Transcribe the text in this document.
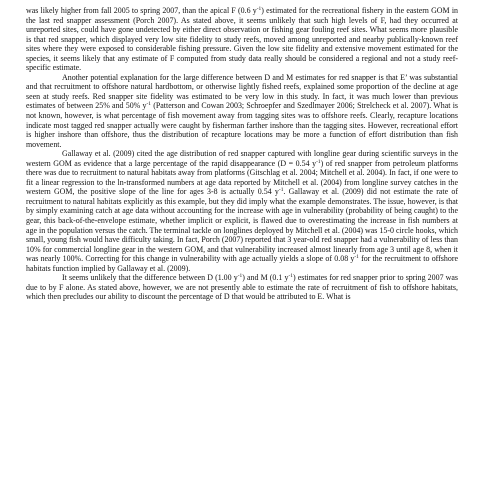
was likely higher from fall 2005 to spring 2007, than the apical F (0.6 $y^{-1}$) estimated for the recreational fishery in the eastern GOM in the last red snapper assessment (Porch 2007). As stated above, it seems unlikely that such high levels of F, had they occurred at unreported sites, could have gone undetected by either direct observation or fishing gear fouling reef sites. What seems more plausible is that red snapper, which displayed very low site fidelity to study reefs, moved among unreported and nearby publically-known reef sites where they were exposed to considerable fishing pressure. Given the low site fidelity and extensive movement estimated for the species, it seems likely that any estimate of F computed from study data really should be considered a regional and not a study reef-specific estimate.

Another potential explanation for the large difference between D and M estimates for red snapper is that E’ was substantial and that recruitment to offshore natural hardbottom, or otherwise lightly fished reefs, explained some proportion of the decline at age seen at study reefs. Red snapper site fidelity was estimated to be very low in this study. In fact, it was much lower than previous estimates of between 25% and 50% $y^{-1}$ (Patterson and Cowan 2003; Schroepfer and Szedlmayer 2006; Strelcheck et al. 2007). What is not known, however, is what percentage of fish movement away from tagging sites was to offshore reefs. Clearly, recapture locations indicate most tagged red snapper actually were caught by fisherman farther inshore than the tagging sites. However, recreational effort is higher inshore than offshore, thus the distribution of recapture locations may be more a function of effort distribution than fish movement.

Gallaway et al. (2009) cited the age distribution of red snapper captured with longline gear during scientific surveys in the western GOM as evidence that a large percentage of the rapid disappearance (D = 0.54 $y^{-1}$) of red snapper from petroleum platforms there was due to recruitment to natural habitats away from platforms (Gitschlag et al. 2004; Mitchell et al. 2004). In fact, if one were to fit a linear regression to the ln-transformed numbers at age data reported by Mitchell et al. (2004) from longline survey catches in the western GOM, the positive slope of the line for ages 3-8 is actually 0.54 $y^{-1}$. Gallaway et al. (2009) did not estimate the rate of recruitment to natural habitats explicitly as this example, but they did imply what the example demonstrates. The issue, however, is that by simply examining catch at age data without accounting for the increase with age in vulnerability (probability of being caught) to the gear, this back-of-the-envelope estimate, whether implicit or explicit, is flawed due to overestimating the increase in fish numbers at age in the population versus the catch. The terminal tackle on longlines deployed by Mitchell et al. (2004) was 15-0 circle hooks, which small, young fish would have difficulty taking. In fact, Porch (2007) reported that 3 year-old red snapper had a vulnerability of less than 10% for commercial longline gear in the western GOM, and that vulnerability increased almost linearly from age 3 until age 8, when it was nearly 100%. Correcting for this change in vulnerability with age actually yields a slope of 0.08 $y^{-1}$ for the recruitment to offshore habitats function implied by Gallaway et al. (2009).

It seems unlikely that the difference between D (1.00 $y^{-1}$) and M (0.1 $y^{-1}$) estimates for red snapper prior to spring 2007 was due to by F alone. As stated above, however, we are not presently able to estimate the rate of recruitment of fish to offshore habitats, which then precludes our ability to discount the percentage of D that would be attributed to E. What is
